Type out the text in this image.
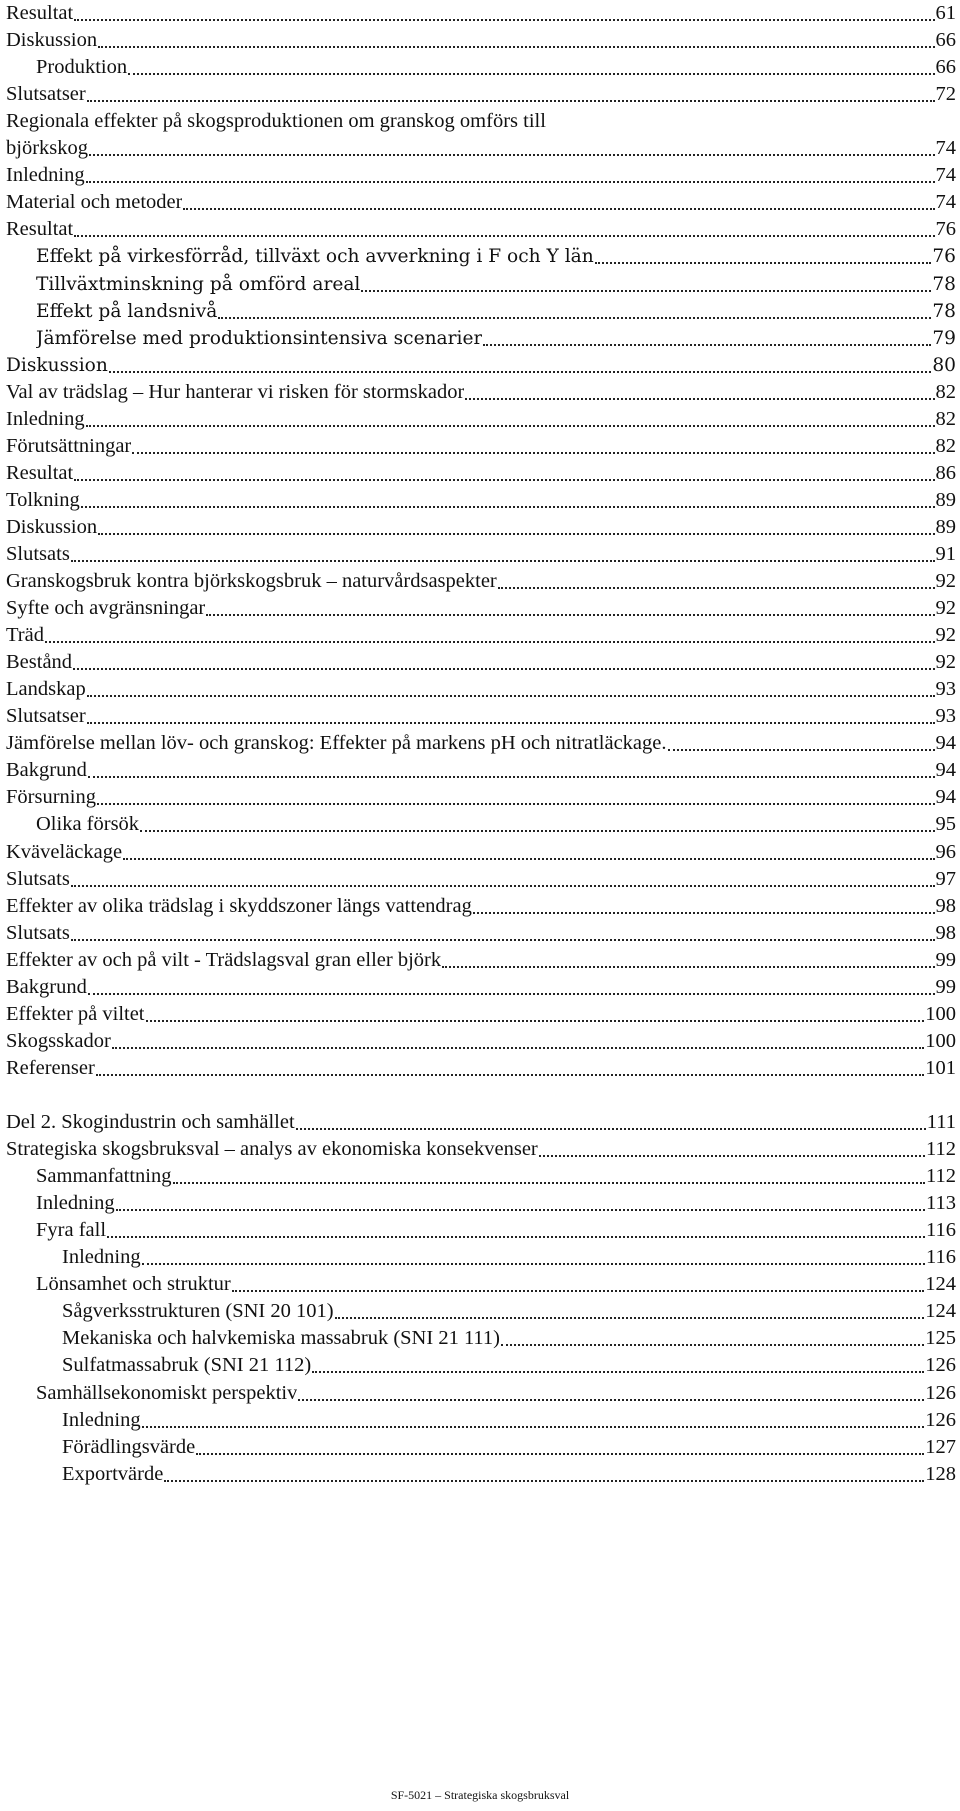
Resultat	61
Diskussion	66
Produktion	66
Slutsatser	72
Regionala effekter på skogsproduktionen om granskog omförs till
björkskog	74
Inledning	74
Material och metoder	74
Resultat	76
Effekt på virkesförråd, tillväxt och avverkning i F och Y län	76
Tillväxtminskning på omförd areal	78
Effekt på landsnivå	78
Jämförelse med produktionsintensiva scenarier	79
Diskussion	80
Val av trädslag – Hur hanterar vi risken för stormskador	82
Inledning	82
Förutsättningar	82
Resultat	86
Tolkning	89
Diskussion	89
Slutsats	91
Granskogsbruk kontra björkskogsbruk – naturvårdsaspekter	92
Syfte och avgränsningar	92
Träd	92
Bestånd	92
Landskap	93
Slutsatser	93
Jämförelse mellan löv- och granskog: Effekter på markens pH och nitratläckage.	94
Bakgrund	94
Försurning	94
Olika försök	95
Kväveläckage	96
Slutsats	97
Effekter av olika trädslag i skyddszoner längs vattendrag	98
Slutsats	98
Effekter av och på vilt - Trädslagsval gran eller björk	99
Bakgrund	99
Effekter på viltet	100
Skogsskador	100
Referenser	101
Del 2. Skogindustrin och samhället	111
Strategiska skogsbruksval – analys av ekonomiska konsekvenser	112
Sammanfattning	112
Inledning	113
Fyra fall	116
Inledning	116
Lönsamhet och struktur	124
Sågverksstrukturen (SNI 20 101)	124
Mekaniska och halvkemiska massabruk (SNI 21 111)	125
Sulfatmassabruk (SNI 21 112)	126
Samhällsekonomiskt perspektiv	126
Inledning	126
Förädlingsvärde	127
Exportvärde	128
SF-5021 – Strategiska skogsbruksval
